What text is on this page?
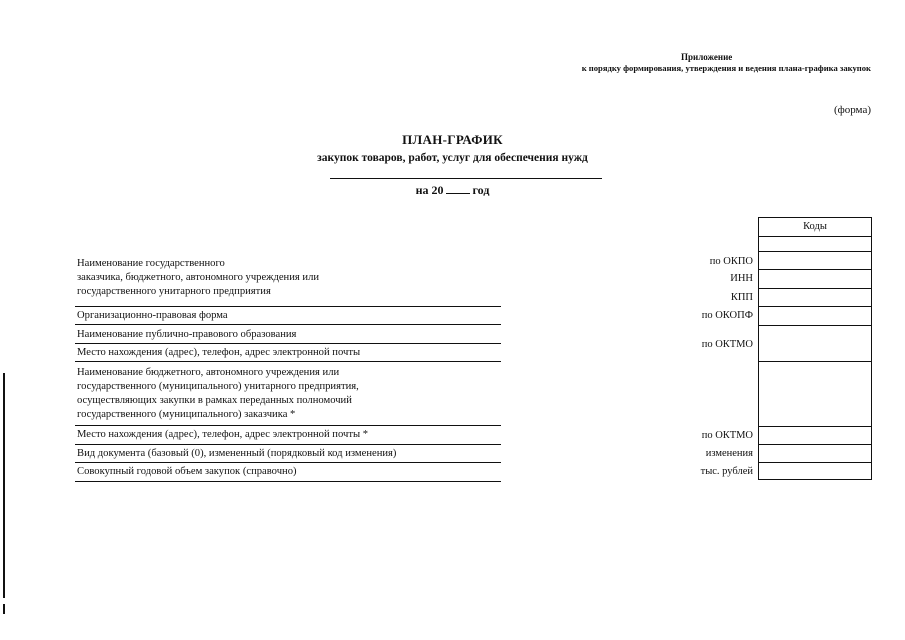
Приложение
к порядку формирования, утверждения и ведения плана-графика закупок
(форма)
ПЛАН-ГРАФИК
закупок товаров, работ, услуг для обеспечения нужд
на 20 год
Наименование государственного
заказчика, бюджетного, автономного учреждения или
государственного унитарного предприятия
Организационно-правовая форма
Наименование публично-правового образования
Место нахождения (адрес), телефон, адрес электронной почты
Наименование бюджетного, автономного учреждения или
государственного (муниципального) унитарного предприятия,
осуществляющих закупки в рамках переданных полномочий
государственного (муниципального) заказчика *
Место нахождения (адрес), телефон, адрес электронной почты *
Вид документа (базовый (0), измененный (порядковый код изменения)
Совокупный годовой объем закупок (справочно)
по ОКПО
ИНН
КПП
по ОКОПФ
по ОКТМО
по ОКТМО
изменения
тыс. рублей
Коды
